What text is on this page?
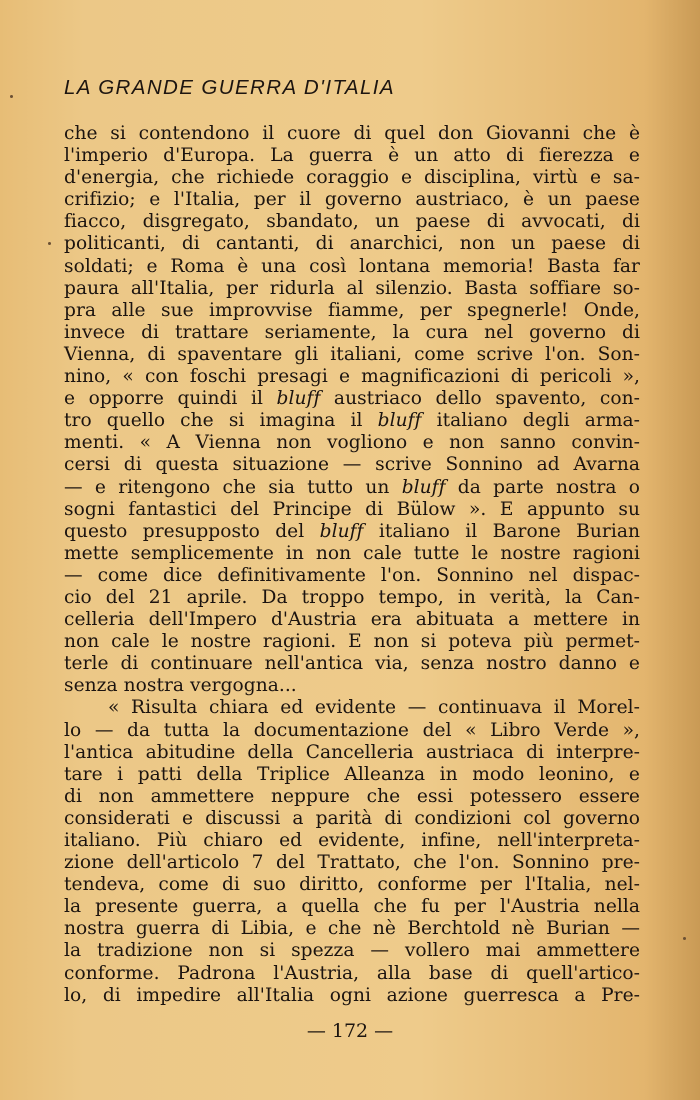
LA GRANDE GUERRA D'ITALIA
che si contendono il cuore di quel don Giovanni che è
l'imperio d'Europa. La guerra è un atto di fierezza e
d'energia, che richiede coraggio e disciplina, virtù e sa-
crifizio; e l'Italia, per il governo austriaco, è un paese
fiacco, disgregato, sbandato, un paese di avvocati, di
politicanti, di cantanti, di anarchici, non un paese di
soldati; e Roma è una così lontana memoria! Basta far
paura all'Italia, per ridurla al silenzio. Basta soffiare so-
pra alle sue improvvise fiamme, per spegnerle! Onde,
invece di trattare seriamente, la cura nel governo di
Vienna, di spaventare gli italiani, come scrive l'on. Son-
nino, « con foschi presagi e magnificazioni di pericoli »,
e opporre quindi il bluff austriaco dello spavento, con-
tro quello che si imagina il bluff italiano degli arma-
menti. « A Vienna non vogliono e non sanno convin-
cersi di questa situazione — scrive Sonnino ad Avarna
— e ritengono che sia tutto un bluff da parte nostra o
sogni fantastici del Principe di Bülow ». E appunto su
questo presupposto del bluff italiano il Barone Burian
mette semplicemente in non cale tutte le nostre ragioni
— come dice definitivamente l'on. Sonnino nel dispac-
cio del 21 aprile. Da troppo tempo, in verità, la Can-
celleria dell'Impero d'Austria era abituata a mettere in
non cale le nostre ragioni. E non si poteva più permet-
terle di continuare nell'antica via, senza nostro danno e
senza nostra vergogna...
« Risulta chiara ed evidente — continuava il Morel-
lo — da tutta la documentazione del « Libro Verde »,
l'antica abitudine della Cancelleria austriaca di interpre-
tare i patti della Triplice Alleanza in modo leonino, e
di non ammettere neppure che essi potessero essere
considerati e discussi a parità di condizioni col governo
italiano. Più chiaro ed evidente, infine, nell'interpreta-
zione dell'articolo 7 del Trattato, che l'on. Sonnino pre-
tendeva, come di suo diritto, conforme per l'Italia, nel-
la presente guerra, a quella che fu per l'Austria nella
nostra guerra di Libia, e che nè Berchtold nè Burian —
la tradizione non si spezza — vollero mai ammettere
conforme. Padrona l'Austria, alla base di quell'artico-
lo, di impedire all'Italia ogni azione guerresca a Pre-
— 172 —
